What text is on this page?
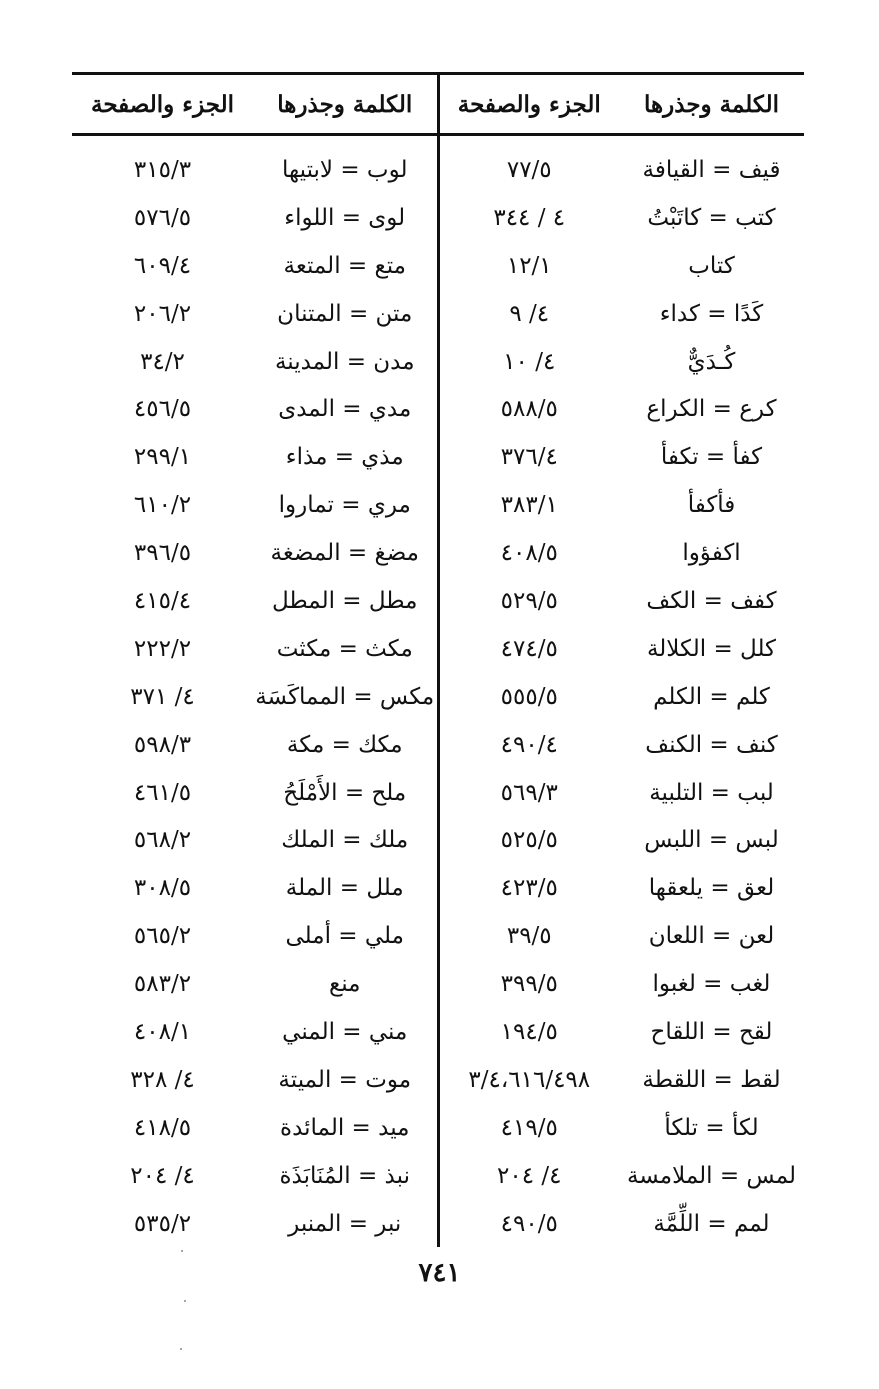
الكلمة وجذرها	الجزء والصفحة	الكلمة وجذرها	الجزء والصفحة
قيف = القيافة	٧٧/٥	لوب = لابتيها	٣١٥/٣
كتب = كاتَبْتُ	٤ / ٣٤٤	لوى = اللواء	٥٧٦/٥
كتاب	١٢/١	متع = المتعة	٦٠٩/٤
كَدًا = كداء	٤/ ٩	متن = المتنان	٢٠٦/٢
كُـدَيٌّ	٤/ ١٠	مدن = المدينة	٣٤/٢
كرع = الكراع	٥٨٨/٥	مدي = المدى	٤٥٦/٥
كفأ = تكفأ	٣٧٦/٤	مذي = مذاء	٢٩٩/١
فأكفأ	٣٨٣/١	مري = تماروا	٦١٠/٢
اكفؤوا	٤٠٨/٥	مضغ = المضغة	٣٩٦/٥
كفف = الكف	٥٢٩/٥	مطل = المطل	٤١٥/٤
كلل = الكلالة	٤٧٤/٥	مكث = مكثت	٢٢٢/٢
كلم = الكلم	٥٥٥/٥	مكس = المماكَسَة	٤/ ٣٧١
كنف = الكنف	٤٩٠/٤	مكك = مكة	٥٩٨/٣
لبب = التلبية	٥٦٩/٣	ملح = الأَمْلَحُ	٤٦١/٥
لبس = اللبس	٥٢٥/٥	ملك = الملك	٥٦٨/٢
لعق = يلعقها	٤٢٣/٥	ملل = الملة	٣٠٨/٥
لعن = اللعان	٣٩/٥	ملي = أملى	٥٦٥/٢
لغب = لغبوا	٣٩٩/٥	منع	٥٨٣/٢
لقح = اللقاح	١٩٤/٥	مني = المني	٤٠٨/١
لقط = اللقطة	٣/٤،٦١٦/٤٩٨	موت = الميتة	٤/ ٣٢٨
لكأ = تلكأ	٤١٩/٥	ميد = المائدة	٤١٨/٥
لمس = الملامسة	٤/ ٢٠٤	نبذ = المُنَابَذَة	٤/ ٢٠٤
لمم = اللِّمَّة	٤٩٠/٥	نبر = المنبر	٥٣٥/٢
٧٤١
